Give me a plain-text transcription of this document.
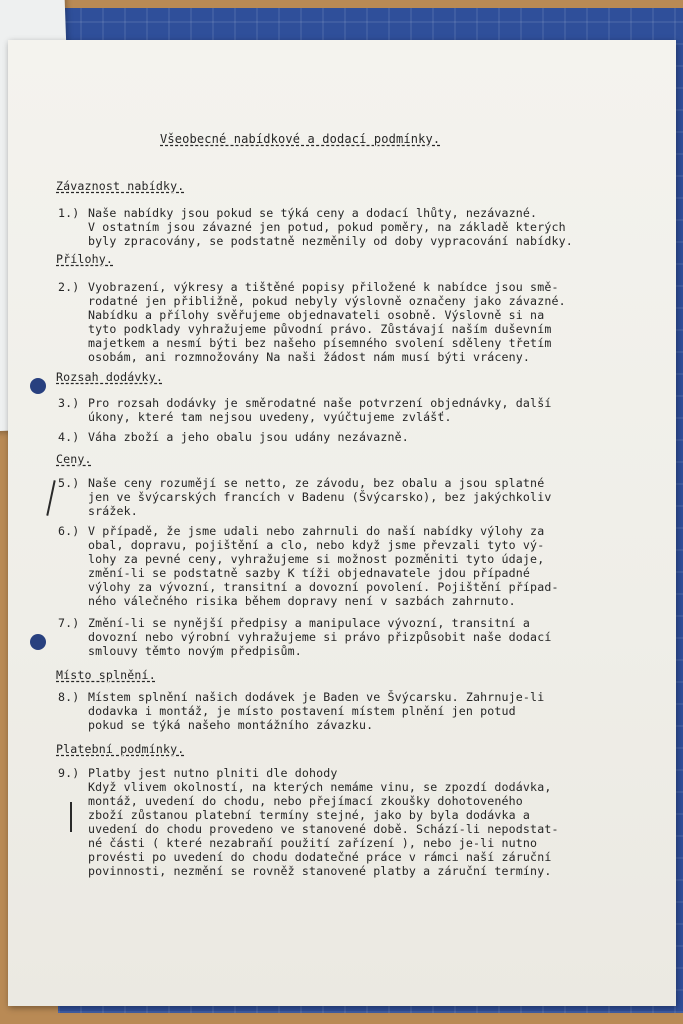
Všeobecné nabídkové a dodací podmínky.
Závaznost nabídky.
1.) Naše nabídky jsou pokud se týká ceny a dodací lhůty, nezávazné.
V ostatním jsou závazné jen potud, pokud poměry, na základě kterých
byly zpracovány, se podstatně nezměnily od doby vypracování nabídky.
Přílohy.
2.) Vyobrazení, výkresy a tištěné popisy přiložené k nabídce jsou smě-
rodatné jen přibližně, pokud nebyly výslovně označeny jako závazné.
Nabídku a přílohy svěřujeme objednavateli osobně. Výslovně si na
tyto podklady vyhražujeme původní právo. Zůstávají naším duševním
majetkem a nesmí býti bez našeho písemného svolení sděleny třetím
osobám, ani rozmnožovány Na naši žádost nám musí býti vráceny.
Rozsah dodávky.
3.) Pro rozsah dodávky je směrodatné naše potvrzení objednávky, další
úkony, které tam nejsou uvedeny, vyúčtujeme zvlášť.
4.) Váha zboží a jeho obalu jsou udány nezávazně.
Ceny.
5.) Naše ceny rozumějí se netto, ze závodu, bez obalu a jsou splatné
jen ve švýcarských francích v Badenu (Švýcarsko), bez jakýchkoliv
srážek.
6.) V případě, že jsme udali nebo zahrnuli do naší nabídky výlohy za
obal, dopravu, pojištění a clo, nebo když jsme převzali tyto vý-
lohy za pevné ceny, vyhražujeme si možnost pozměniti tyto údaje,
změní-li se podstatně sazby K tíži objednavatele jdou případné
výlohy za vývozní, transitní a dovozní povolení. Pojištění případ-
ného válečného risika během dopravy není v sazbách zahrnuto.
7.) Změní-li se nynější předpisy a manipulace vývozní, transitní a
dovozní nebo výrobní vyhražujeme si právo přizpůsobit naše dodací
smlouvy těmto novým předpisům.
Místo splnění.
8.) Místem splnění našich dodávek je Baden ve Švýcarsku. Zahrnuje-li
dodavka i montáž, je místo postavení místem plnění jen potud
pokud se týká našeho montážního závazku.
Platební podmínky.
9.) Platby jest nutno plniti dle dohody
Když vlivem okolností, na kterých nemáme vinu, se zpozdí dodávka,
montáž, uvedení do chodu, nebo přejímací zkoušky dohotoveného
zboží zůstanou platební termíny stejné, jako by byla dodávka a
uvedení do chodu provedeno ve stanovené době. Schází-li nepodstat-
né části ( které nezabraňí použití zařízení ), nebo je-li nutno
provésti po uvedení do chodu dodatečné práce v rámci naší záruční
povinnosti, nezmění se rovněž stanovené platby a záruční termíny.
